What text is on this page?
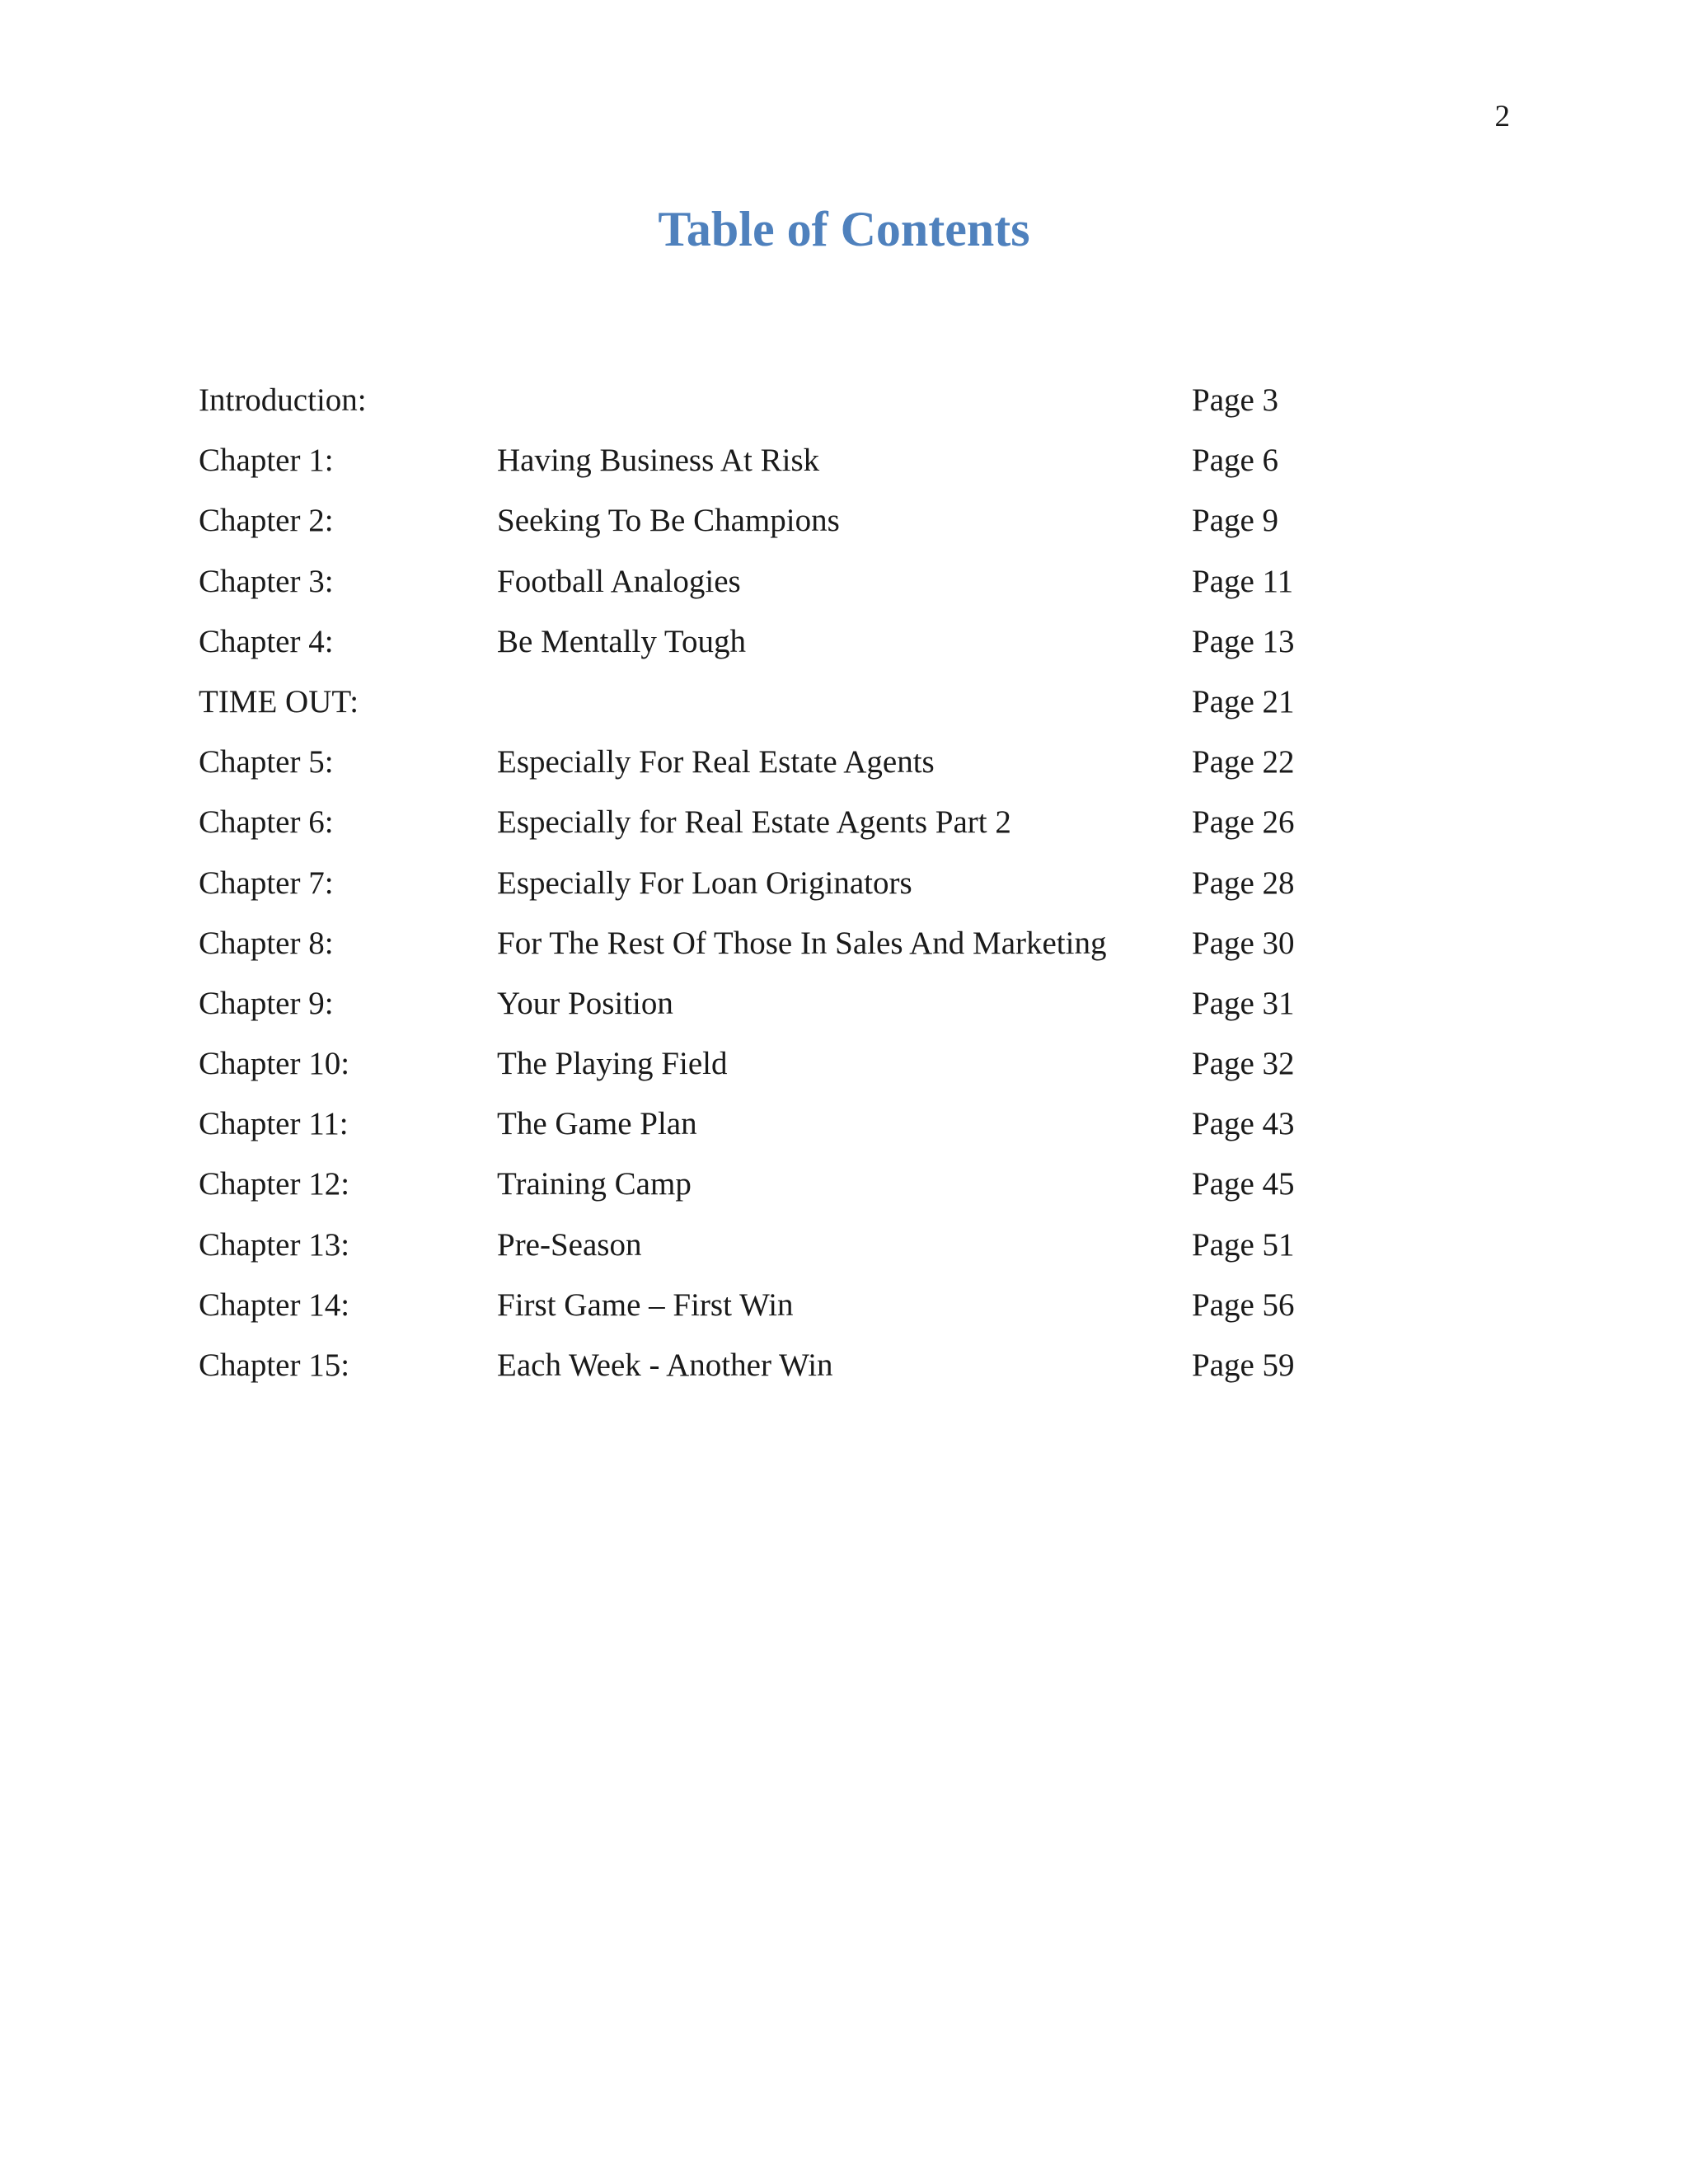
2
Table of Contents
Introduction:	Page 3
Chapter 1:	Having Business At Risk	Page 6
Chapter 2:	Seeking To Be Champions	Page 9
Chapter 3:	Football Analogies	Page 11
Chapter 4:	Be Mentally Tough	Page 13
TIME OUT:	Page 21
Chapter 5:	Especially For Real Estate Agents	Page 22
Chapter 6:	Especially for Real Estate Agents Part 2	Page 26
Chapter 7:	Especially For Loan Originators	Page 28
Chapter 8:	For The Rest Of Those In Sales And Marketing	Page 30
Chapter 9:	Your Position	Page 31
Chapter 10:	The Playing Field	Page 32
Chapter 11:	The Game Plan	Page 43
Chapter 12:	Training Camp	Page 45
Chapter 13:	Pre-Season	Page 51
Chapter 14:	First Game – First Win	Page 56
Chapter 15:	Each Week - Another Win	Page 59
